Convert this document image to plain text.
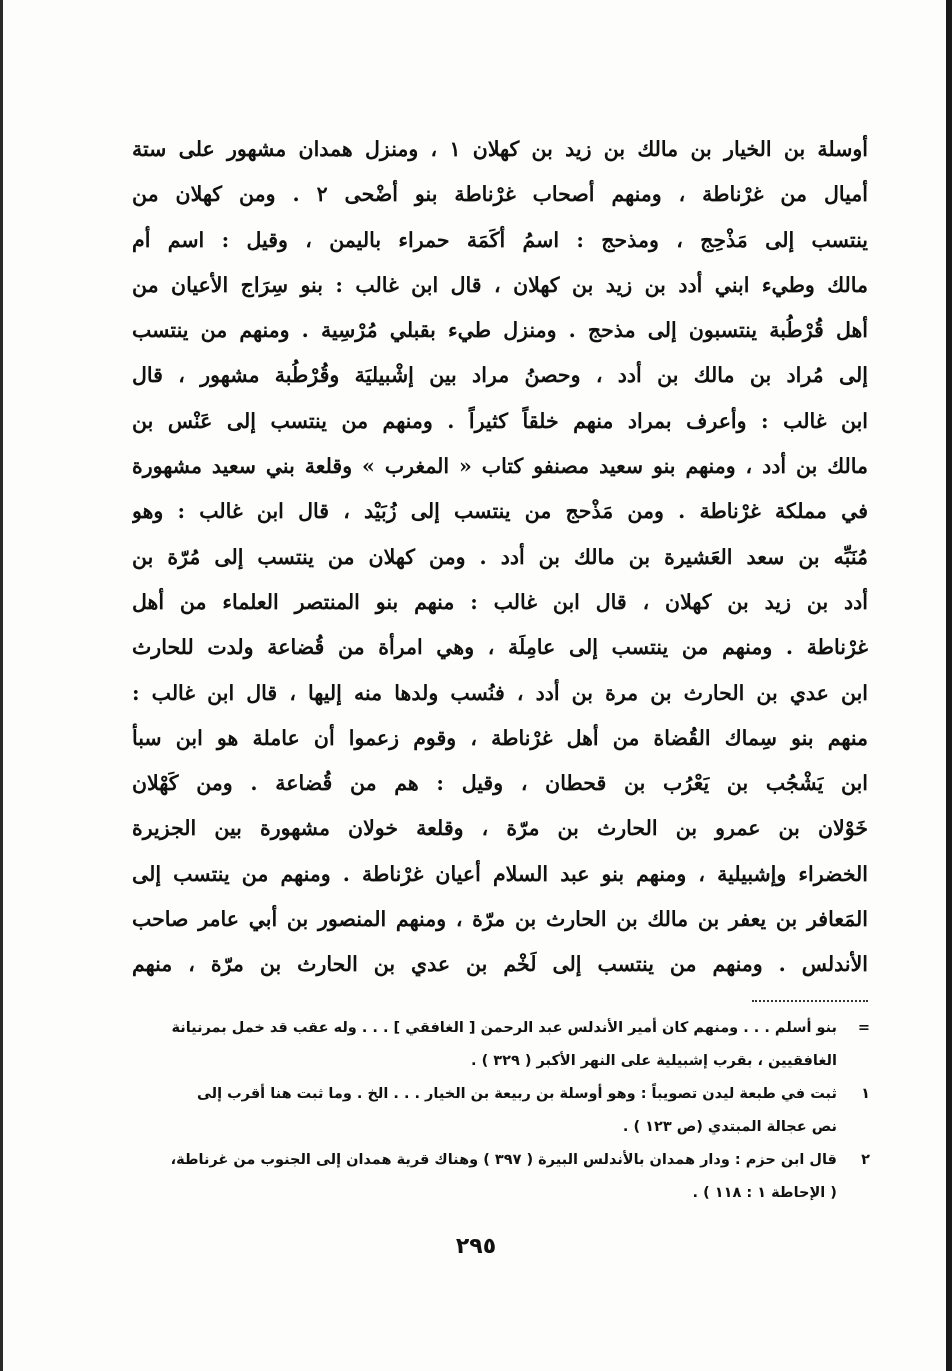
أوسلة بن الخيار بن مالك بن زيد بن كهلان ١ ، ومنزل همدان مشهور على ستة
أميال من غرْناطة ، ومنهم أصحاب غرْناطة بنو أضْحى ٢ . ومن كهلان من
ينتسب إلى مَذْحِج ، ومذحج : اسمُ أكَمَة حمراء باليمن ، وقيل : اسم أم
مالك وطيء ابني أدد بن زيد بن كهلان ، قال ابن غالب : بنو سِرَاج الأعيان من
أهل قُرْطُبة ينتسبون إلى مذحج . ومنزل طيء بقبلي مُرْسِية . ومنهم من ينتسب
إلى مُراد بن مالك بن أدد ، وحصنُ مراد بين إشْبيليَة وقُرْطُبة مشهور ، قال
ابن غالب : وأعرف بمراد منهم خلقاً كثيراً . ومنهم من ينتسب إلى عَنْس بن
مالك بن أدد ، ومنهم بنو سعيد مصنفو كتاب « المغرب » وقلعة بني سعيد مشهورة
في مملكة غرْناطة . ومن مَذْحج من ينتسب إلى زُبَيْد ، قال ابن غالب : وهو
مُنَبِّه بن سعد العَشيرة بن مالك بن أدد . ومن كهلان من ينتسب إلى مُرّة بن
أدد بن زيد بن كهلان ، قال ابن غالب : منهم بنو المنتصر العلماء من أهل
غرْناطة . ومنهم من ينتسب إلى عامِلَة ، وهي امرأة من قُضاعة ولدت للحارث
ابن عدي بن الحارث بن مرة بن أدد ، فنُسب ولدها منه إليها ، قال ابن غالب :
منهم بنو سِماك القُضاة من أهل غرْناطة ، وقوم زعموا أن عاملة هو ابن سبأ
ابن يَشْجُب بن يَعْرُب بن قحطان ، وقيل : هم من قُضاعة . ومن كَهْلان
خَوْلان بن عمرو بن الحارث بن مرّة ، وقلعة خولان مشهورة بين الجزيرة
الخضراء وإشبيلية ، ومنهم بنو عبد السلام أعيان غرْناطة . ومنهم من ينتسب إلى
المَعافر بن يعفر بن مالك بن الحارث بن مرّة ، ومنهم المنصور بن أبي عامر صاحب
الأندلس . ومنهم من ينتسب إلى لَخْم بن عدي بن الحارث بن مرّة ، منهم
= بنو أسلم . . . ومنهم كان أمير الأندلس عبد الرحمن [ الغافقي ] . . . وله عقب قد خمل بمرنيانة
الغافقيين ، بقرب إشبيلية على النهر الأكبر ( ٣٢٩ ) .
١ ثبت في طبعة ليدن تصويباً : وهو أوسلة بن ربيعة بن الخيار . . . الخ . وما ثبت هنا أقرب إلى
نص عجالة المبتدي (ص ١٢٣ ) .
٢ قال ابن حزم : ودار همدان بالأندلس البيرة ( ٣٩٧ ) وهناك قرية همدان إلى الجنوب من غرناطة،
( الإحاطة ١ : ١١٨ ) .
٢٩٥
